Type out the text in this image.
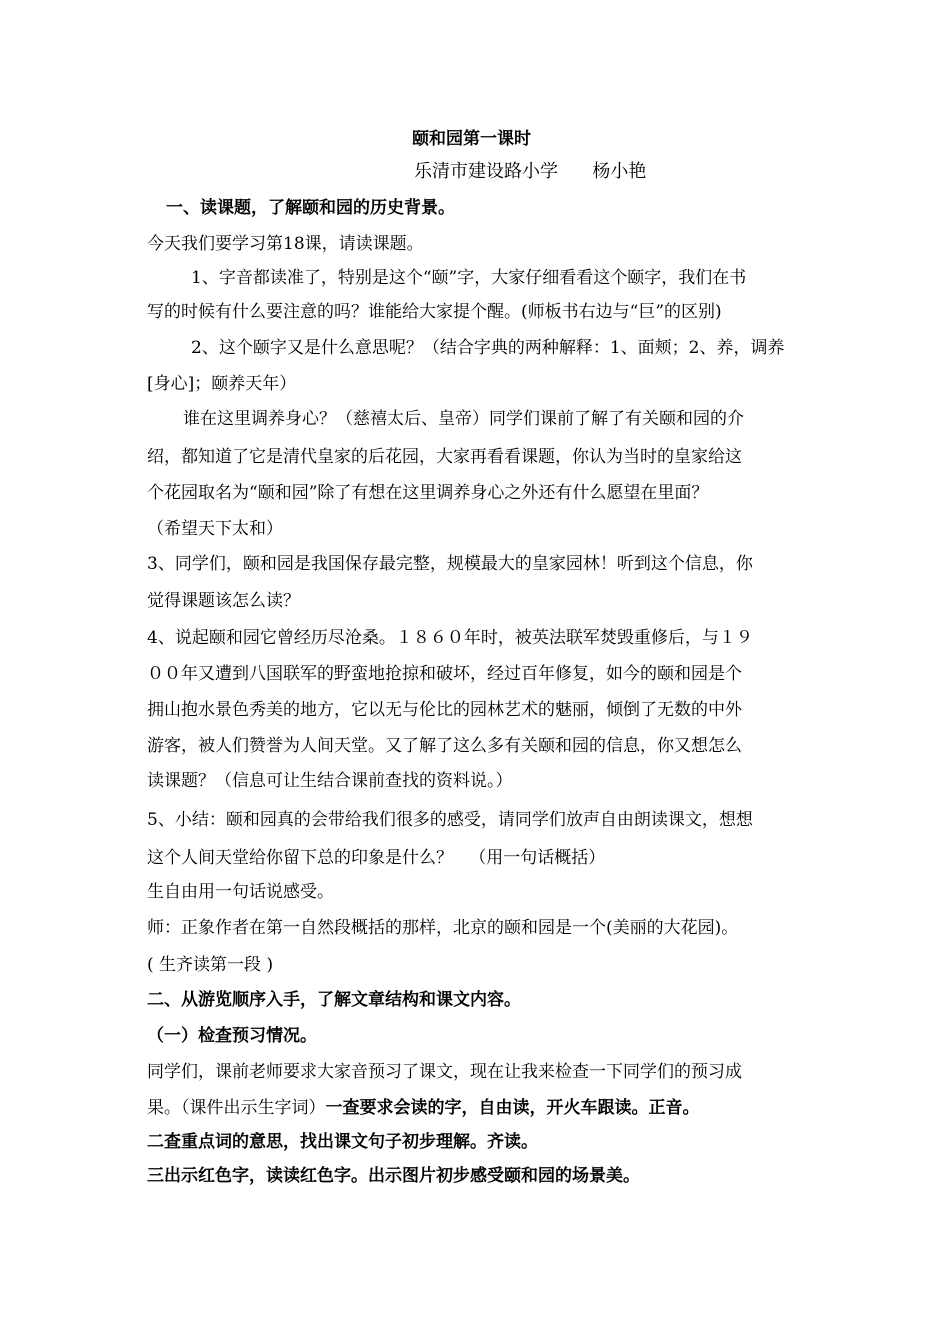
颐和园第一课时
乐清市建设路小学      杨小艳
一、读课题，了解颐和园的历史背景。
今天我们要学习第18课，请读课题。
1、字音都读准了，特别是这个“颐”字，大家仔细看看这个颐字，我们在书
写的时候有什么要注意的吗？谁能给大家提个醒。(师板书右边与“巨”的区别)
2、这个颐字又是什么意思呢？（结合字典的两种解释：1、面颊；2、养，调养
[身心]；颐养天年）
谁在这里调养身心？（慈禧太后、皇帝）同学们课前了解了有关颐和园的介
绍，都知道了它是清代皇家的后花园，大家再看看课题，你认为当时的皇家给这
个花园取名为“颐和园”除了有想在这里调养身心之外还有什么愿望在里面？
（希望天下太和）
3、同学们，颐和园是我国保存最完整，规模最大的皇家园林！听到这个信息，你
觉得课题该怎么读？
4、说起颐和园它曾经历尽沧桑。１８６０年时，被英法联军焚毁重修后，与１９
００年又遭到八国联军的野蛮地抢掠和破坏，经过百年修复，如今的颐和园是个
拥山抱水景色秀美的地方，它以无与伦比的园林艺术的魅丽，倾倒了无数的中外
游客，被人们赞誉为人间天堂。又了解了这么多有关颐和园的信息，你又想怎么
读课题？（信息可让生结合课前查找的资料说。）
5、小结：颐和园真的会带给我们很多的感受，请同学们放声自由朗读课文，想想
这个人间天堂给你留下总的印象是什么？   （用一句话概括）
生自由用一句话说感受。
师：正象作者在第一自然段概括的那样，北京的颐和园是一个(美丽的大花园)。
( 生齐读第一段 )
二、从游览顺序入手，了解文章结构和课文内容。
（一）检查预习情况。
同学们，课前老师要求大家音预习了课文，现在让我来检查一下同学们的预习成
果。（课件出示生字词）一查要求会读的字，自由读，开火车跟读。正音。
二查重点词的意思，找出课文句子初步理解。齐读。
三出示红色字，读读红色字。出示图片初步感受颐和园的场景美。
